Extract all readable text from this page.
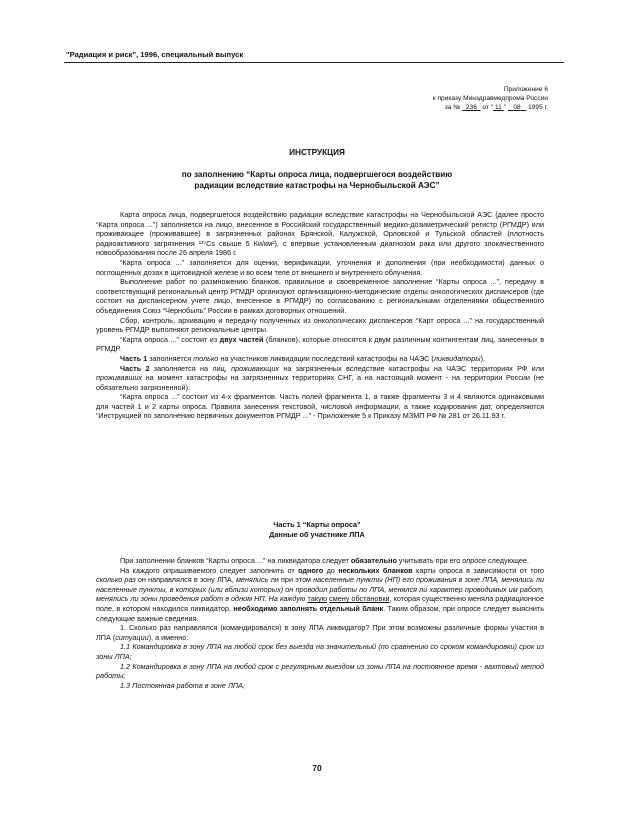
"Радиация и риск", 1996, специальный выпуск
Приложение 6
к приказу Минздравмедпрома России
за № 236 от " 11 " 08 1995 г.
ИНСТРУКЦИЯ
по заполнению “Карты опроса лица, подвергшегося воздействию
радиации вследствие катастрофы на Чернобыльской АЭС”

Карта опроса лица, подвергшегося воздействию радиации вследствие катастрофы на Чернобыльской АЭС (далее просто “Карта опроса ...”) заполняется на лицо, внесенное в Российский государственный медико-дозиметрический регистр (РГМДР) или проживающее (проживавшее) в загрязненных районах Брянской, Калужской, Орловской и Тульской областей (плотность радиоактивного загрязнения ¹³⁷Cs свыше 5 Ки/км²), с впервые установленным диагнозом рака или другого злокачественного новообразования после 26 апреля 1986 г.

“Карта опроса ...” заполняется для оценки, верификации, уточнения и дополнения (при необходимости) данных о поглощенных дозах в щитовидной железе и во всем теле от внешнего и внутреннего облучения.

Выполнение работ по размножению бланков, правильное и своевременное заполнение “Карты опроса ...”, передачу в соответствующий региональный центр РГМДР организуют организационно-методические отделы онкологических диспансеров (где состоит на диспансерном учете лицо, внесенное в РГМДР) по согласованию с региональными отделениями общественного объединения Союз “Чернобыль” России в рамках договорных отношений.

Сбор, контроль, архивацию и передачу полученных из онкологических диспансеров “Карт опроса ...” на государственный уровень РГМДР выполняют региональные центры.

“Карта опроса ...” состоит из двух частей (бланков), которые относятся к двум различным контингентам лиц, занесенных в РГМДР.

Часть 1 заполняется только на участников ликвидации последствий катастрофы на ЧАЭС (ликвидаторы).

Часть 2 заполняется на лиц, проживающих на загрязненных вследствие катастрофы на ЧАЭС территориях РФ или проживавших на момент катастрофы на загрязненных территориях СНГ, а на настоящий момент - на территории России (не обязательно загрязненной).

“Карта опроса ...” состоит из 4-х фрагментов. Часть полей фрагмента 1, а также фрагменты 3 и 4 являются одинаковыми для частей 1 и 2 карты опроса. Правила занесения текстовой, числовой информации, а также кодирования дат, определяются “Инструкцией по заполнению первичных документов РГМДР ...” - Приложение 5 к Приказу МЗМП РФ № 281 от 26.11.93 г.

Часть 1 “Карты опроса”
Данные об участнике ЛПА

При заполнении бланков “Карты опроса ...” на ликвидатора следует обязательно учитывать при его опросе следующее.

На каждого опрашиваемого следует заполнить от одного до нескольких бланков карты опроса в зависимости от того сколько раз он направлялся в зону ЛПА, менялись ли при этом населенные пункты (НП) его проживания в зоне ЛПА, менялись ли населенные пункты, в которых (или вблизи которых) он проводил работы по ЛПА, менялся ли характер проводимых им работ, менялись ли зоны проведения работ в одном НП. На каждую такую смену обстановки, которая существенно меняла радиационное поле, в котором находился ликвидатор, необходимо заполнять отдельный бланк. Таким образом, при опросе следует выяснить следующие важные сведения.

1. Сколько раз направлялся (командировался) в зону ЛПА ликвидатор? При этом возможны различные формы участия в ЛПА (ситуации), а именно:

1.1 Командировка в зону ЛПА на любой срок без выезда на значительный (по сравнению со сроком командировки) срок из зоны ЛПА;

1.2 Командировка в зону ЛПА на любой срок с регулярным выездом из зоны ЛПА на постоянное время - вахтовый метод работы;

1.3 Постоянная работа в зоне ЛПА;

70
